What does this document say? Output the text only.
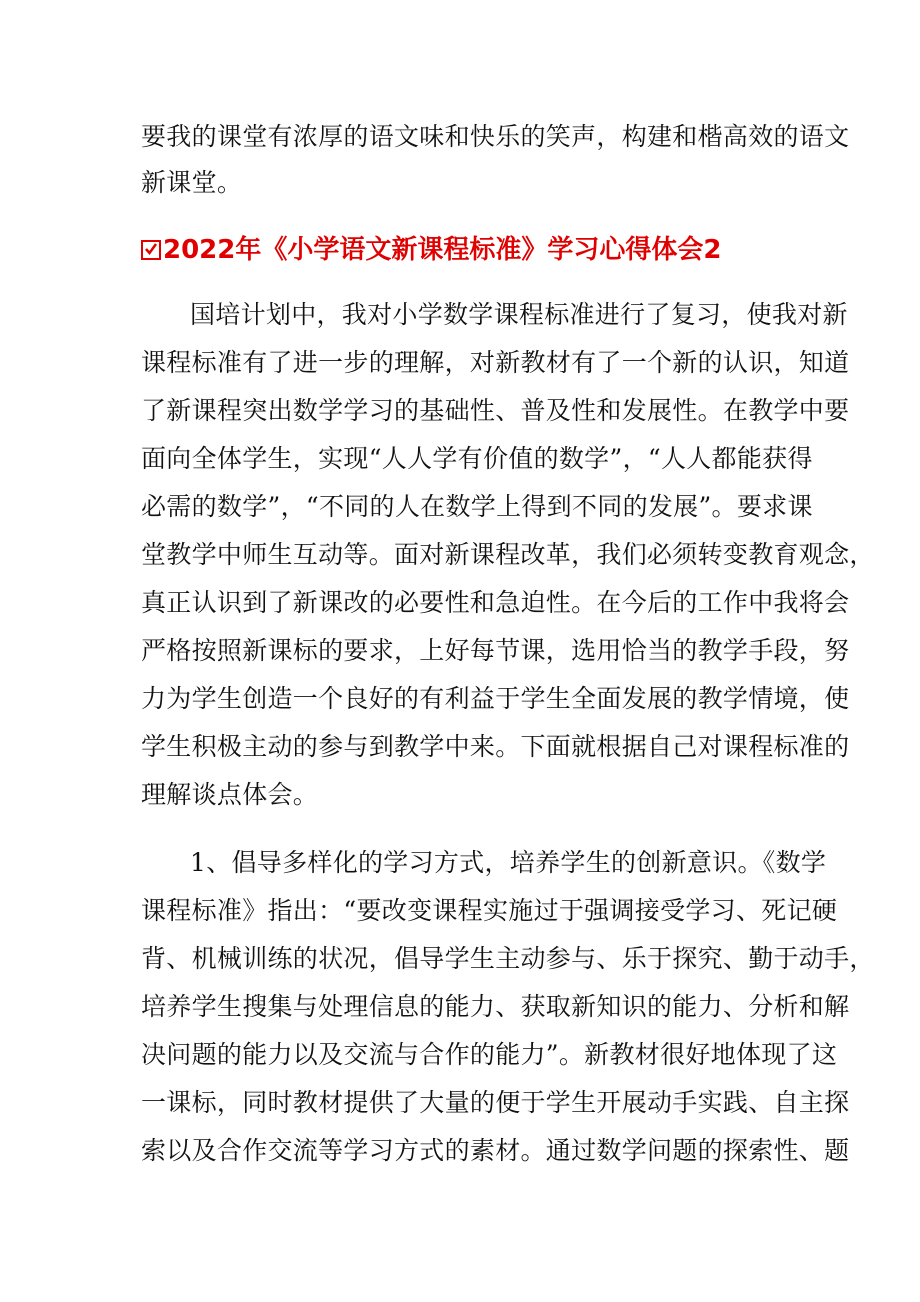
要我的课堂有浓厚的语文味和快乐的笑声，构建和楷高效的语文
新课堂。
2022年《小学语文新课程标准》学习心得体会2
国培计划中，我对小学数学课程标准进行了复习，使我对新
课程标准有了进一步的理解，对新教材有了一个新的认识，知道
了新课程突出数学学习的基础性、普及性和发展性。在教学中要
面向全体学生，实现“人人学有价值的数学”，“人人都能获得
必需的数学”，“不同的人在数学上得到不同的发展”。要求课
堂教学中师生互动等。面对新课程改革，我们必须转变教育观念，
真正认识到了新课改的必要性和急迫性。在今后的工作中我将会
严格按照新课标的要求，上好每节课，选用恰当的教学手段，努
力为学生创造一个良好的有利益于学生全面发展的教学情境，使
学生积极主动的参与到教学中来。下面就根据自己对课程标准的
理解谈点体会。
1、倡导多样化的学习方式，培养学生的创新意识。《数学
课程标准》指出：“要改变课程实施过于强调接受学习、死记硬
背、机械训练的状况，倡导学生主动参与、乐于探究、勤于动手，
培养学生搜集与处理信息的能力、获取新知识的能力、分析和解
决问题的能力以及交流与合作的能力”。新教材很好地体现了这
一课标，同时教材提供了大量的便于学生开展动手实践、自主探
索以及合作交流等学习方式的素材。通过数学问题的探索性、题
